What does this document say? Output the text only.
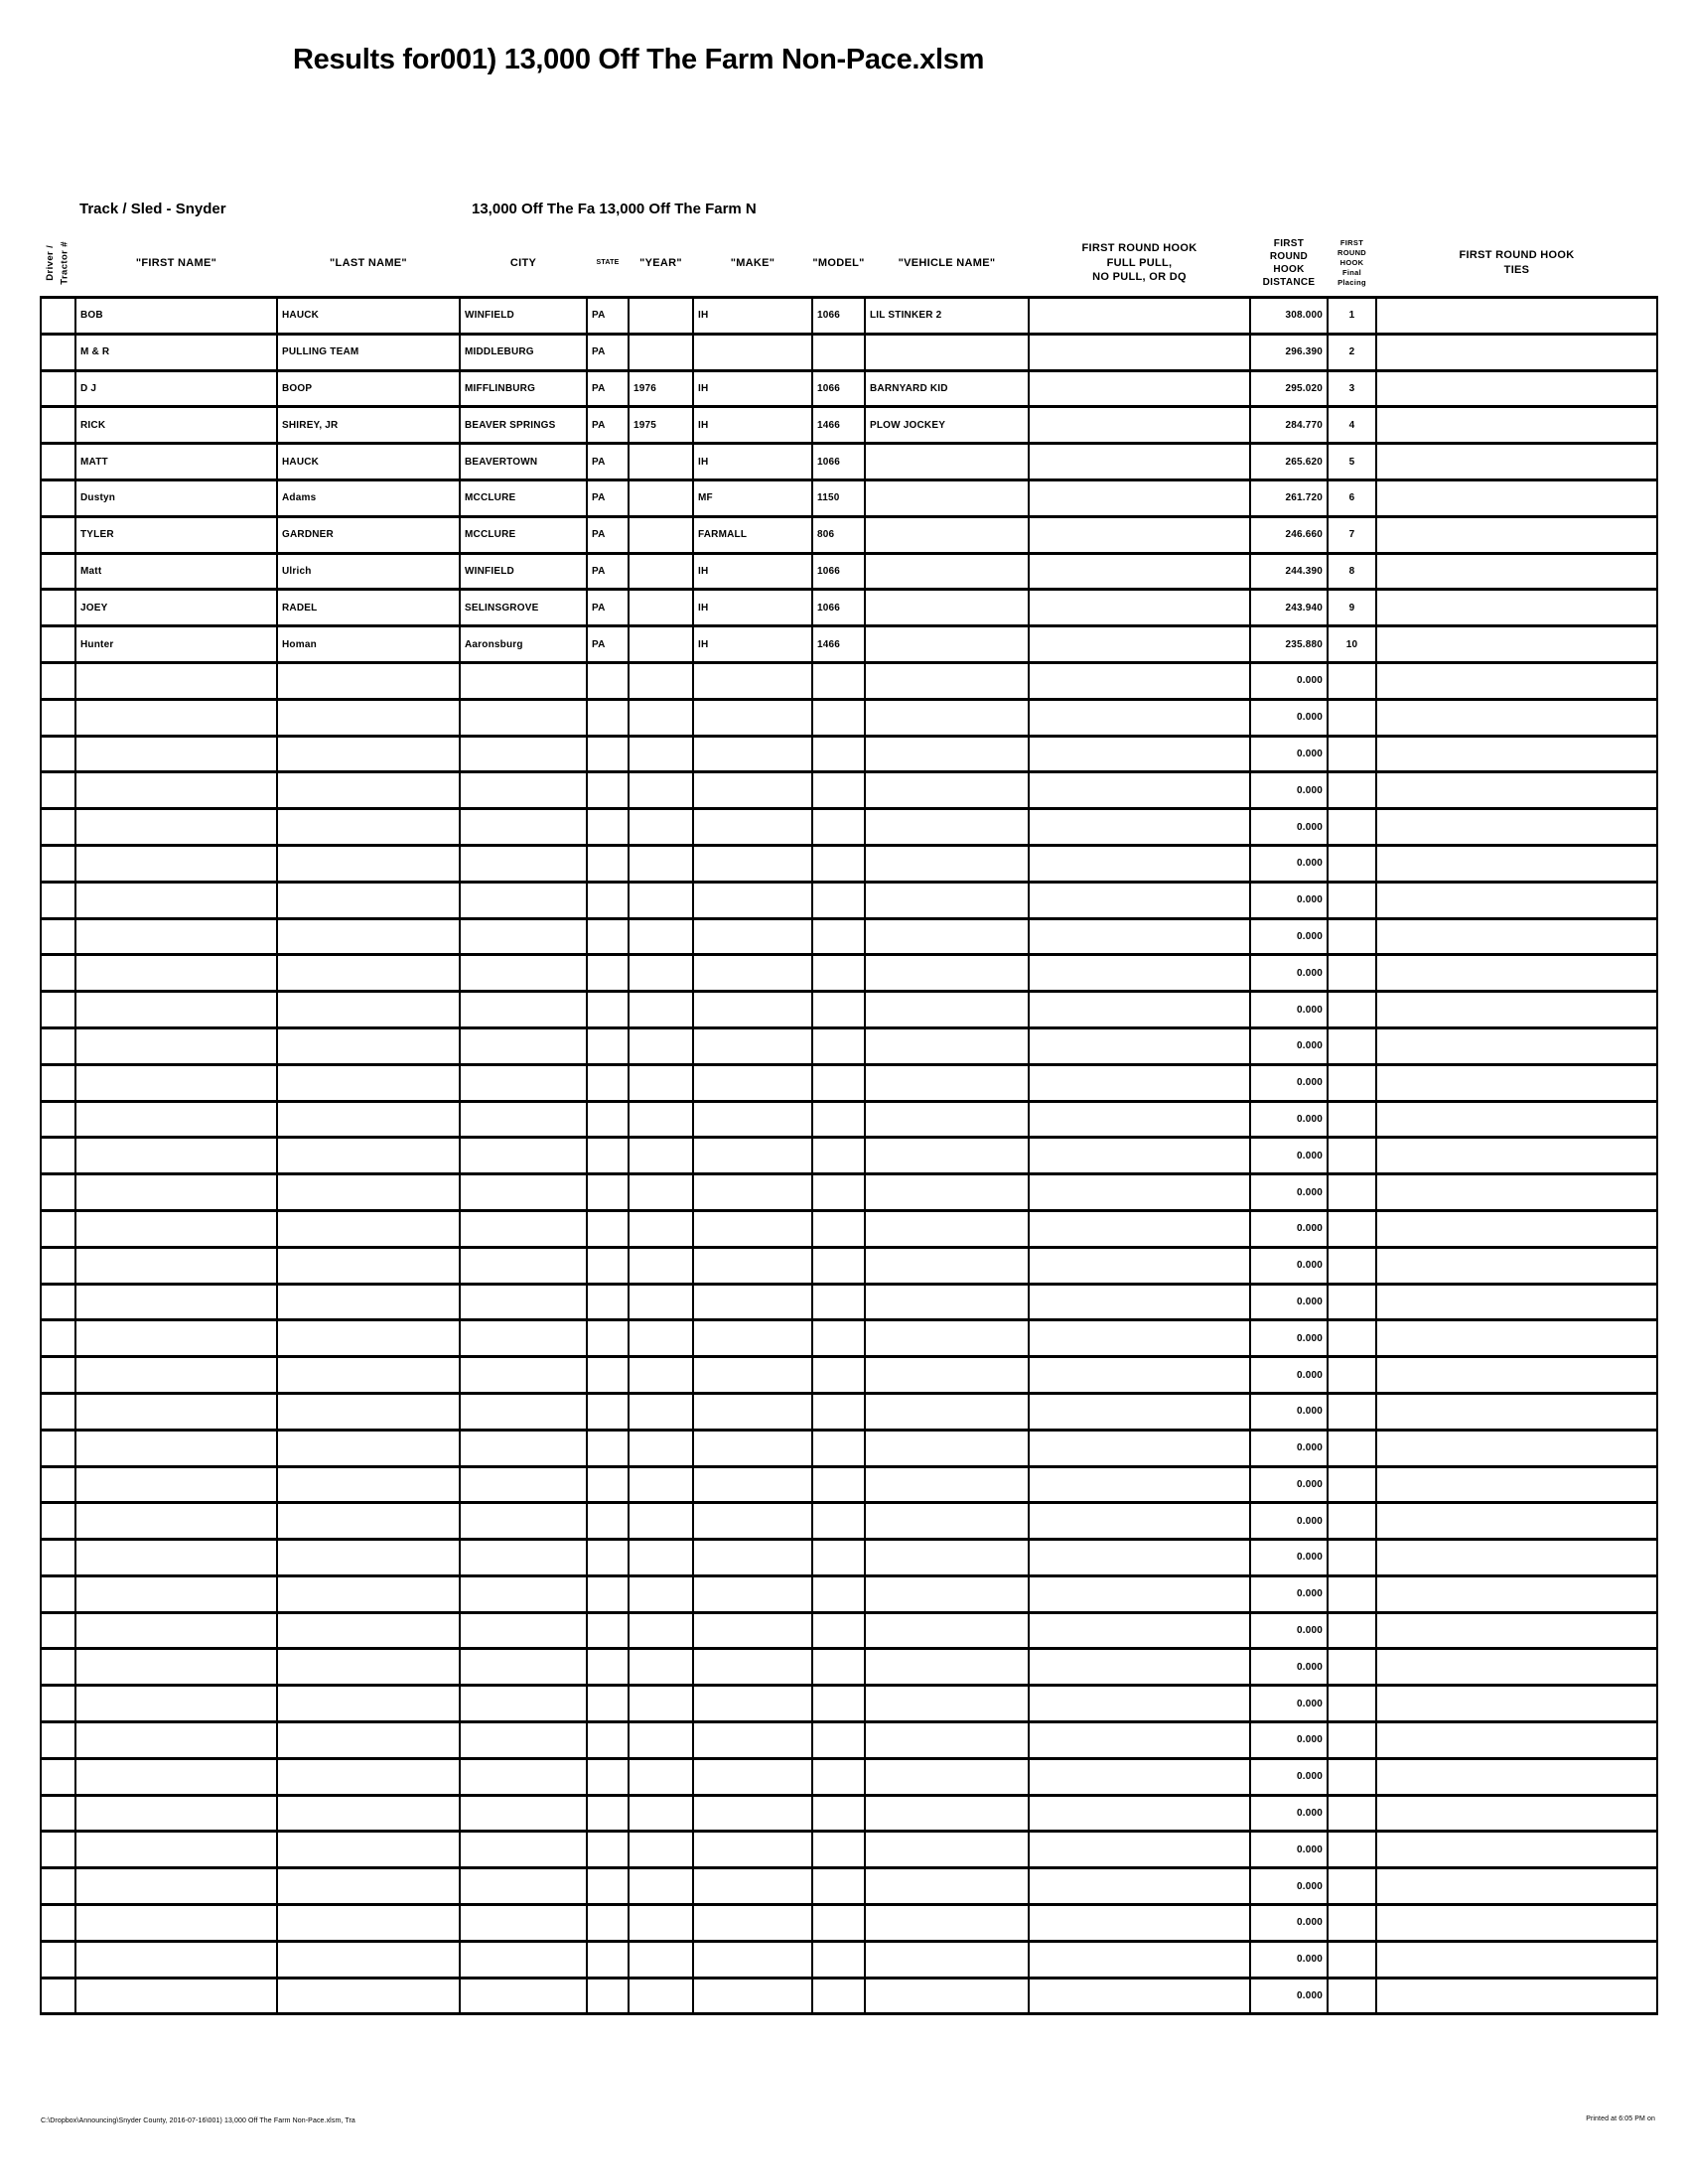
Results for001) 13,000 Off The Farm Non-Pace.xlsm
Track / Sled - Snyder	13,000 Off The Fa 13,000 Off The Farm N
Driver /
Tractor #	"FIRST NAME"	"LAST NAME"	CITY	STATE	"YEAR"	"MAKE"	"MODEL"	"VEHICLE NAME"	FIRST ROUND HOOK
FULL PULL,
NO PULL, OR DQ	FIRST
ROUND
HOOK
DISTANCE	FIRST
ROUND
HOOK
Final
Placing	FIRST ROUND HOOK
TIES
	BOB	HAUCK	WINFIELD	PA		IH	1066	LIL STINKER 2		308.000	1	
	M & R	PULLING TEAM	MIDDLEBURG	PA						296.390	2	
	D J	BOOP	MIFFLINBURG	PA	1976	IH	1066	BARNYARD KID		295.020	3	
	RICK	SHIREY, JR	BEAVER SPRINGS	PA	1975	IH	1466	PLOW JOCKEY		284.770	4	
	MATT	HAUCK	BEAVERTOWN	PA		IH	1066			265.620	5	
	Dustyn	Adams	MCCLURE	PA		MF	1150			261.720	6	
	TYLER	GARDNER	MCCLURE	PA		FARMALL	806			246.660	7	
	Matt	Ulrich	WINFIELD	PA		IH	1066			244.390	8	
	JOEY	RADEL	SELINSGROVE	PA		IH	1066			243.940	9	
	Hunter	Homan	Aaronsburg	PA		IH	1466			235.880	10	
										0.000		
										0.000		
										0.000		
										0.000		
										0.000		
										0.000		
										0.000		
										0.000		
										0.000		
										0.000		
										0.000		
										0.000		
										0.000		
										0.000		
										0.000		
										0.000		
										0.000		
										0.000		
										0.000		
										0.000		
										0.000		
										0.000		
										0.000		
										0.000		
										0.000		
										0.000		
										0.000		
										0.000		
										0.000		
										0.000		
										0.000		
										0.000		
										0.000		
										0.000		
										0.000		
										0.000		
										0.000		
C:\Dropbox\Announcing\Snyder County, 2016-07-16\001) 13,000 Off The Farm Non-Pace.xlsm, Tra	Printed at 6:05 PM on
